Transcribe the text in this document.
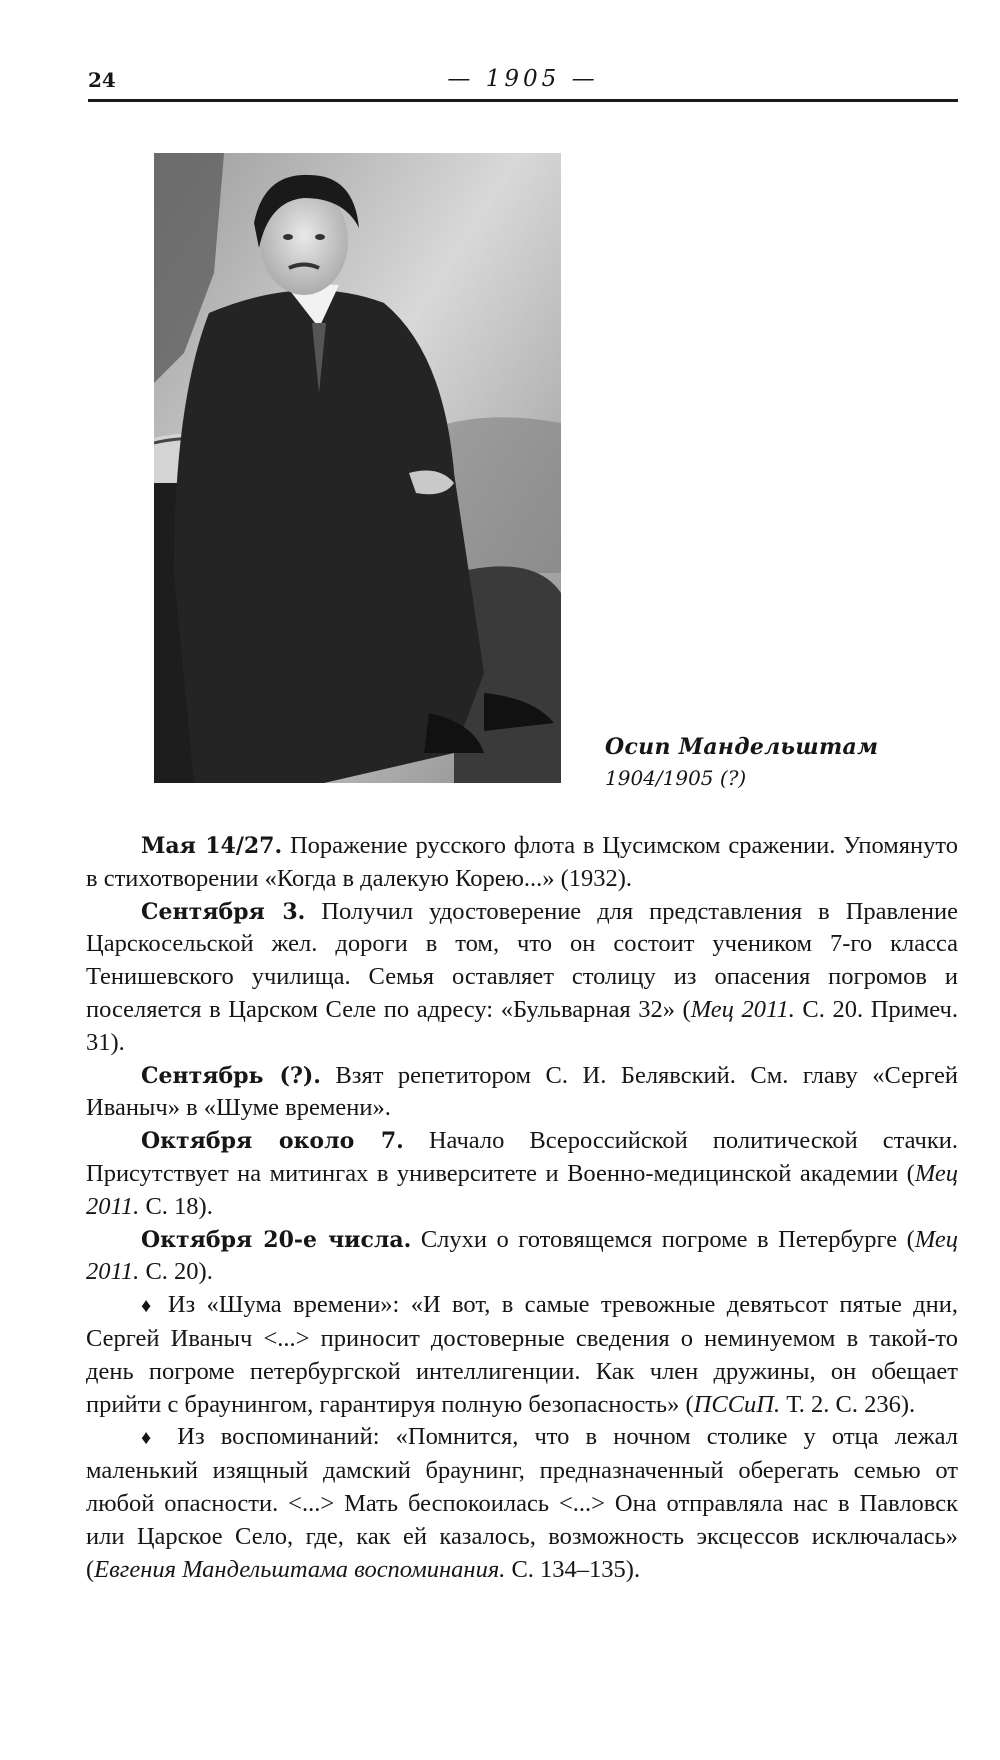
24	— 1905 —
Осип Мандельштам
1904/1905 (?)

Мая 14/27. Поражение русского флота в Цусимском сражении. Упомянуто в стихотворении «Когда в далекую Корею...» (1932).

Сентября 3. Получил удостоверение для представления в Правление Царскосельской жел. дороги в том, что он состоит учеником 7-го класса Тенишевского училища. Семья оставляет столицу из опасения погромов и поселяется в Царском Селе по адресу: «Бульварная 32» (Мец 2011. С. 20. Примеч. 31).

Сентябрь (?). Взят репетитором С. И. Белявский. См. главу «Сергей Иваныч» в «Шуме времени».

Октября около 7. Начало Всероссийской политической стачки. Присутствует на митингах в университете и Военно-медицинской академии (Мец 2011. С. 18).

Октября 20-е числа. Слухи о готовящемся погроме в Петербурге (Мец 2011. С. 20).

♦ Из «Шума времени»: «И вот, в самые тревожные девятьсот пятые дни, Сергей Иваныч <...> приносит достоверные сведения о неминуемом в такой-то день погроме петербургской интеллигенции. Как член дружины, он обещает прийти с браунингом, гарантируя полную безопасность» (ПССиП. Т. 2. С. 236).

♦ Из воспоминаний: «Помнится, что в ночном столике у отца лежал маленький изящный дамский браунинг, предназначенный оберегать семью от любой опасности. <...> Мать беспокоилась <...> Она отправляла нас в Павловск или Царское Село, где, как ей казалось, возможность эксцессов исключалась» (Евгения Мандельштама воспоминания. С. 134–135).
